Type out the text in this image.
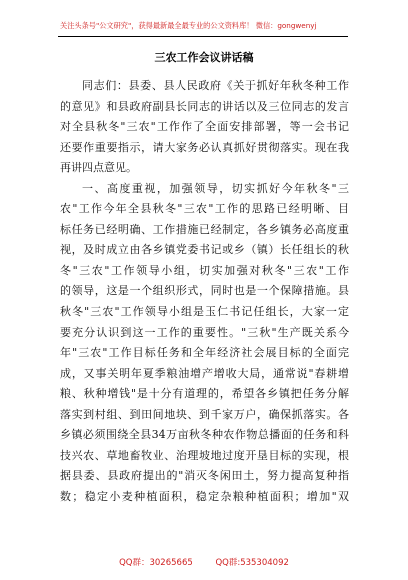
关注头条号"公文研究"，获得最新最全最专业的公文资料库！ 微信：gongwenyj
三农工作会议讲话稿
同志们：县委、县人民政府《关于抓好年秋冬种工作
的意见》和县政府副县长同志的讲话以及三位同志的发言
对全县秋冬"三农"工作作了全面安排部署，等一会书记
还要作重要指示，请大家务必认真抓好贯彻落实。现在我
再讲四点意见。
一、高度重视，加强领导，切实抓好今年秋冬"三
农"工作今年全县秋冬"三农"工作的思路已经明晰、目
标任务已经明确、工作措施已经制定，各乡镇务必高度重
视，及时成立由各乡镇党委书记或乡（镇）长任组长的秋
冬"三农"工作领导小组，切实加强对秋冬"三农"工作
的领导，这是一个组织形式，同时也是一个保障措施。县
秋冬"三农"工作领导小组是玉仁书记任组长，大家一定
要充分认识到这一工作的重要性。"三秋"生产既关系今
年"三农"工作目标任务和全年经济社会展目标的全面完
成，又事关明年夏季粮油增产增收大局，通常说"春耕增
粮、秋种增钱"是十分有道理的，希望各乡镇把任务分解
落实到村组、到田间地块、到千家万户，确保抓落实。各
乡镇必须围绕全县34万亩秋冬种农作物总播面的任务和科
技兴农、草地畜牧业、治理坡地过度开垦目标的实现，根
据县委、县政府提出的"消灭冬闲田土，努力提高复种指
数；稳定小麦种植面积，稳定杂粮种植面积；增加"双
QQ群：30265665	QQ群:535304092
